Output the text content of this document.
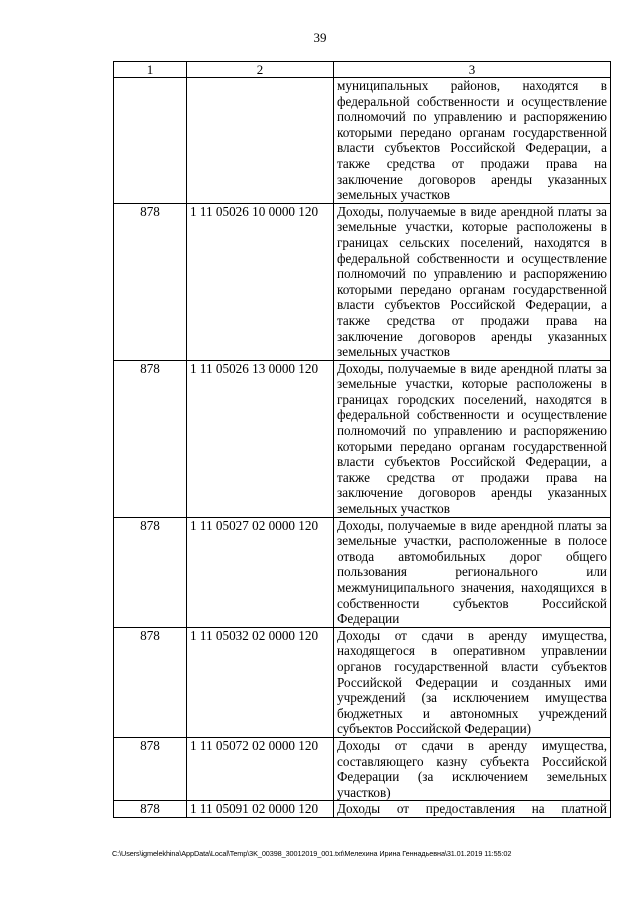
39
1	2	3
		муниципальных районов, находятся в федеральной собственности и осуществление полномочий по управлению и распоряжению которыми передано органам государственной власти субъектов Российской Федерации, а также средства от продажи права на заключение договоров аренды указанных земельных участков
878	1 11 05026 10 0000 120	Доходы, получаемые в виде арендной платы за земельные участки, которые расположены в границах сельских поселений, находятся в федеральной собственности и осуществление полномочий по управлению и распоряжению которыми передано органам государственной власти субъектов Российской Федерации, а также средства от продажи права на заключение договоров аренды указанных земельных участков
878	1 11 05026 13 0000 120	Доходы, получаемые в виде арендной платы за земельные участки, которые расположены в границах городских поселений, находятся в федеральной собственности и осуществление полномочий по управлению и распоряжению которыми передано органам государственной власти субъектов Российской Федерации, а также средства от продажи права на заключение договоров аренды указанных земельных участков
878	1 11 05027 02 0000 120	Доходы, получаемые в виде арендной платы за земельные участки, расположенные в полосе отвода автомобильных дорог общего пользования регионального или межмуниципального значения, находящихся в собственности субъектов Российской Федерации
878	1 11 05032 02 0000 120	Доходы от сдачи в аренду имущества, находящегося в оперативном управлении органов государственной власти субъектов Российской Федерации и созданных ими учреждений (за исключением имущества бюджетных и автономных учреждений субъектов Российской Федерации)
878	1 11 05072 02 0000 120	Доходы от сдачи в аренду имущества, составляющего казну субъекта Российской Федерации (за исключением земельных участков)
878	1 11 05091 02 0000 120	Доходы от предоставления на платной
C:\Users\igmelekhina\AppData\Local\Temp\3K_00398_30012019_001.txt\Мелехина Ирина Геннадьевна\31.01.2019 11:55:02
